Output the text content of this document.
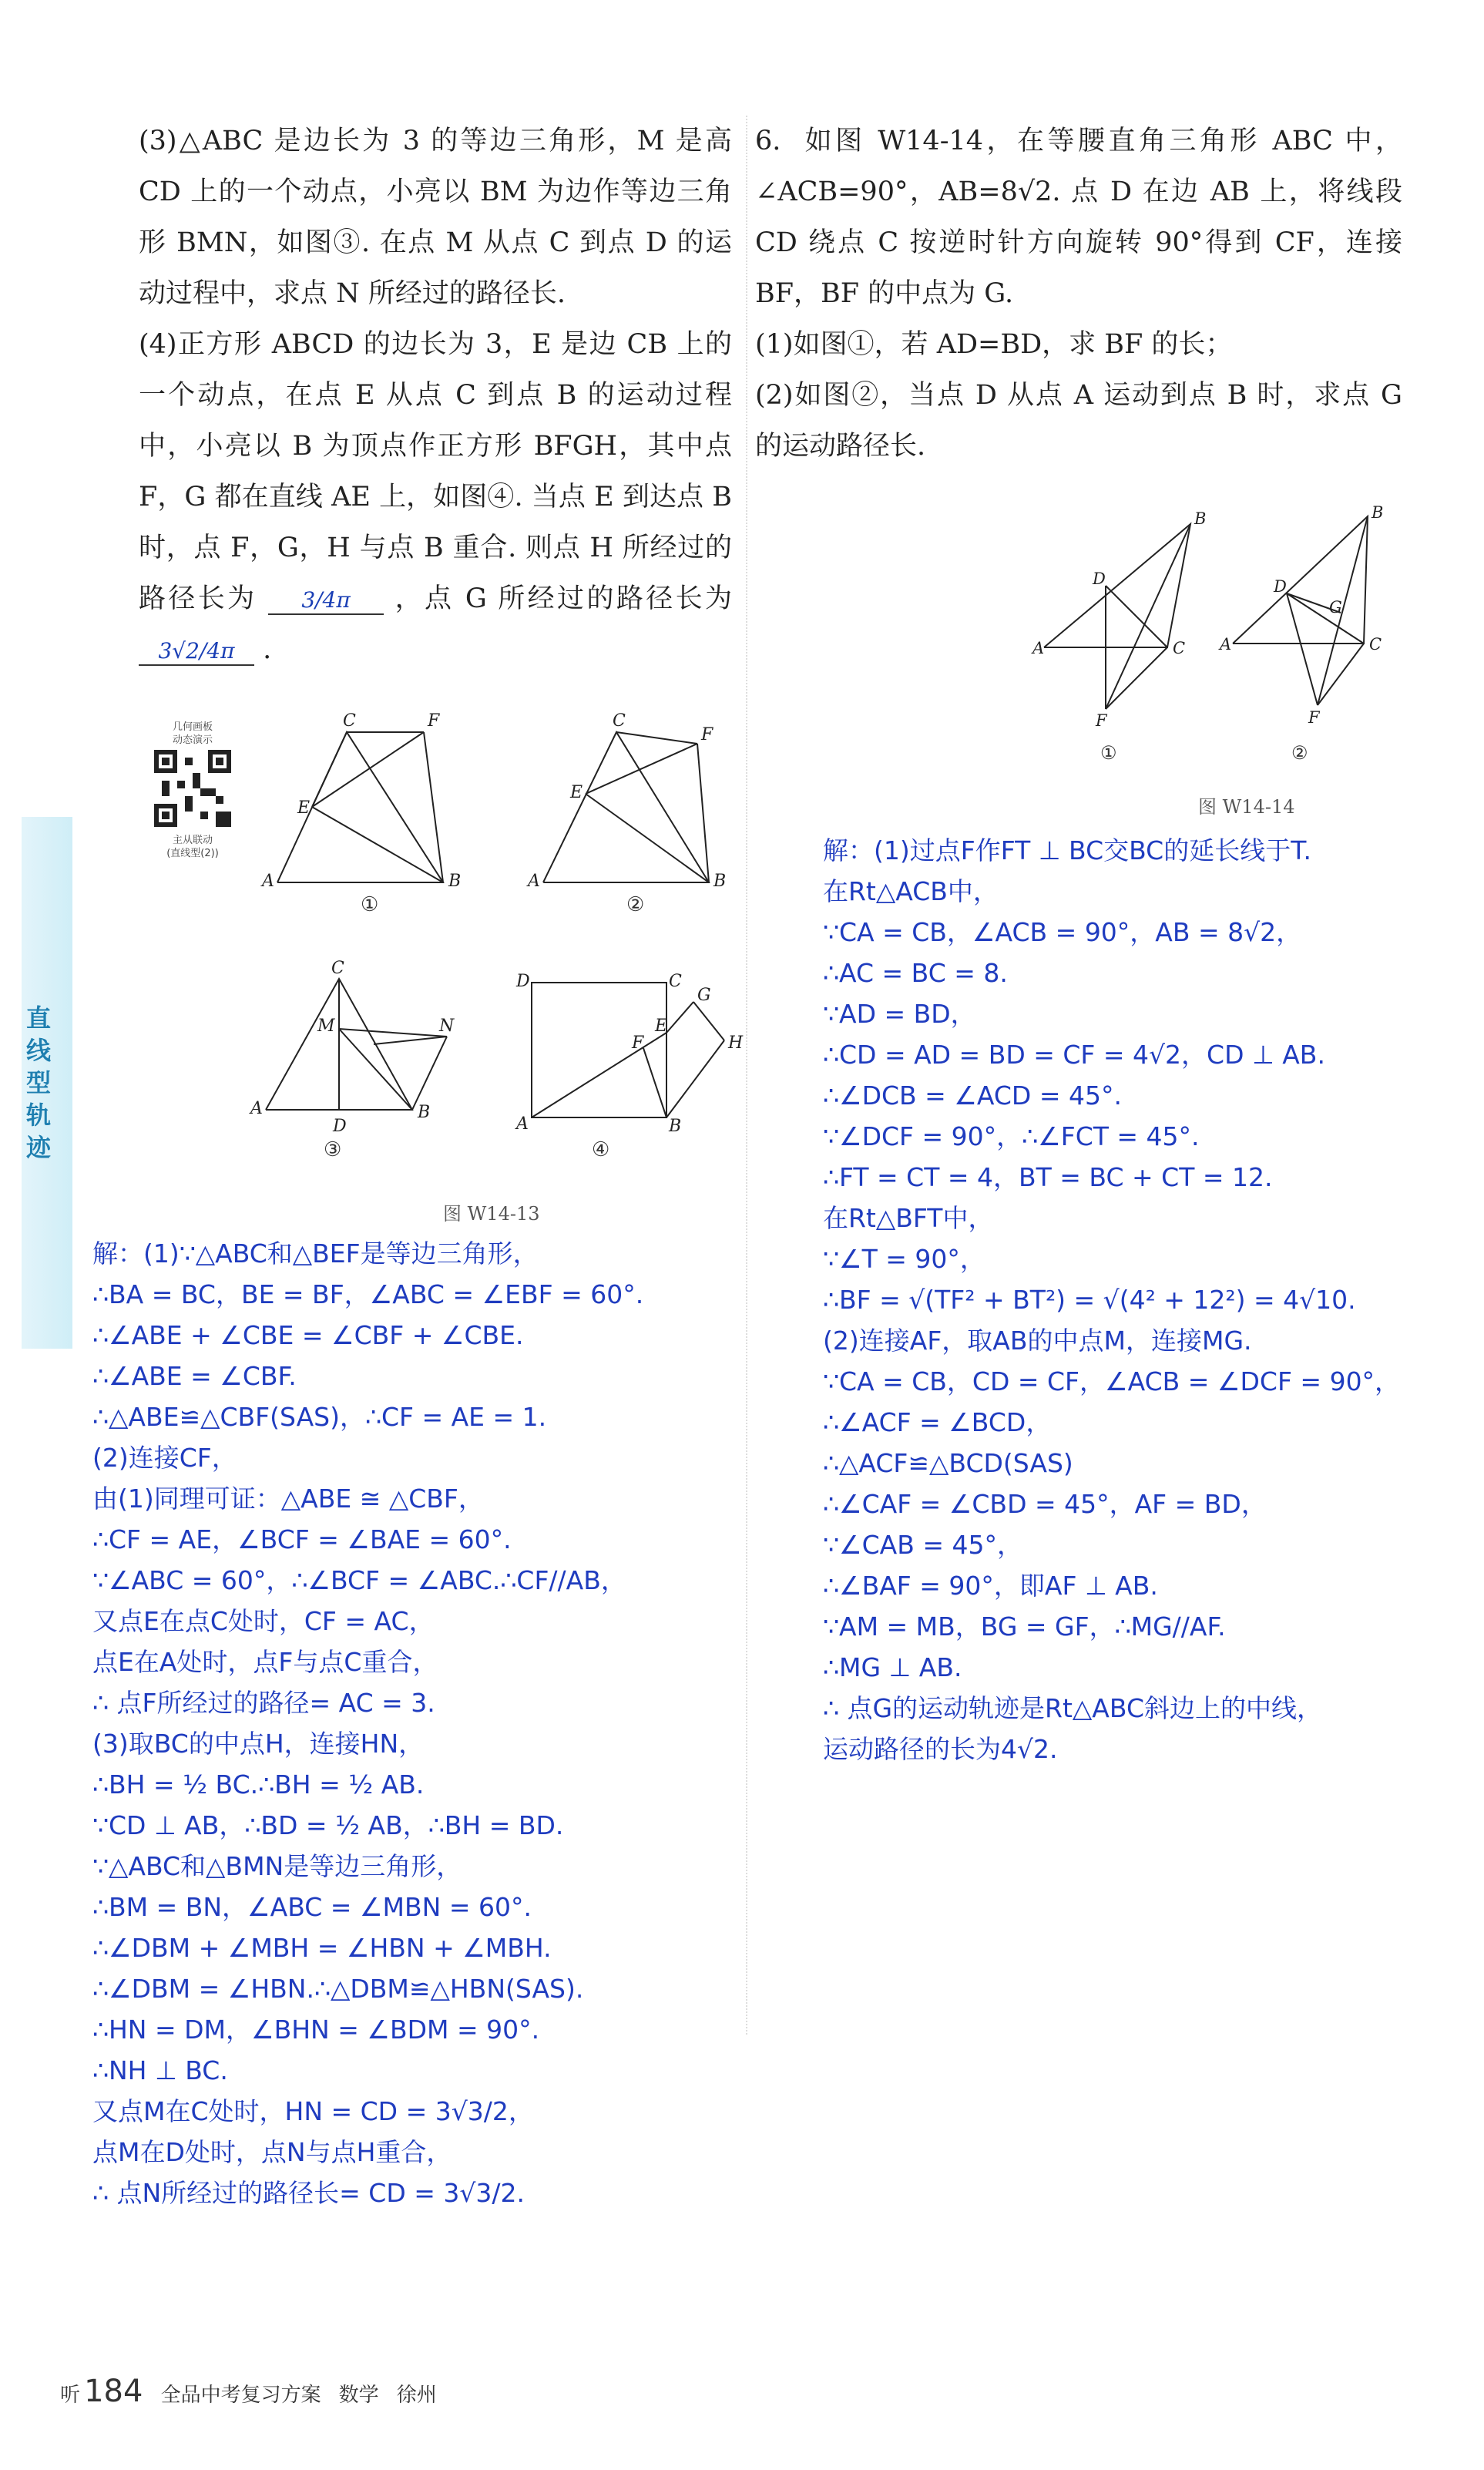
直线型轨迹

(3)△ABC 是边长为 3 的等边三角形，M 是高 CD 上的一个动点，小亮以 BM 为边作等边三角形 BMN，如图③. 在点 M 从点 C 到点 D 的运动过程中，求点 N 所经过的路径长.

(4)正方形 ABCD 的边长为 3，E 是边 CB 上的一个动点，在点 E 从点 C 到点 B 的运动过程中，小亮以 B 为顶点作正方形 BFGH，其中点 F，G 都在直线 AE 上，如图④. 当点 E 到达点 B 时，点 F，G，H 与点 B 重合. 则点 H 所经过的路径长为 3/4π ，点 G 所经过的路径长为 3√2/4π .

几何画板
动态演示
主从联动
(直线型(2))
A	B
C	F
E
A	B
C
F
E
A	B
C
D
M	N
D	C
A	B
G
H
E
F
①	②
③	④
图 W14-13
解：(1)∵△ABC和△BEF是等边三角形，
∴BA = BC，BE = BF，∠ABC = ∠EBF = 60°.
∴∠ABE + ∠CBE = ∠CBF + ∠CBE.
∴∠ABE = ∠CBF.
∴△ABE≌△CBF(SAS)，∴CF = AE = 1.
(2)连接CF，
由(1)同理可证：△ABE ≅ △CBF，
∴CF = AE，∠BCF = ∠BAE = 60°.
∵∠ABC = 60°，∴∠BCF = ∠ABC.∴CF//AB，
又点E在点C处时，CF = AC，
点E在A处时，点F与点C重合，
∴ 点F所经过的路径= AC = 3.
(3)取BC的中点H，连接HN，
∴BH = ½ BC.∴BH = ½ AB.
∵CD ⊥ AB，∴BD = ½ AB，∴BH = BD.
∵△ABC和△BMN是等边三角形，
∴BM = BN，∠ABC = ∠MBN = 60°.
∴∠DBM + ∠MBH = ∠HBN + ∠MBH.
∴∠DBM = ∠HBN.∴△DBM≌△HBN(SAS).
∴HN = DM，∠BHN = ∠BDM = 90°.
∴NH ⊥ BC.
又点M在C处时，HN = CD = 3√3/2，
点M在D处时，点N与点H重合，
∴ 点N所经过的路径长= CD = 3√3/2.

6. 如图 W14-14，在等腰直角三角形 ABC 中，∠ACB=90°，AB=8√2. 点 D 在边 AB 上，将线段 CD 绕点 C 按逆时针方向旋转 90°得到 CF，连接 BF，BF 的中点为 G.

(1)如图①，若 AD=BD，求 BF 的长；

(2)如图②，当点 D 从点 A 运动到点 B 时，求点 G 的运动路径长.

A
B
C
D
F
A
B
C
D
G
F
①	②
图 W14-14
解：(1)过点F作FT ⊥ BC交BC的延长线于T.
在Rt△ACB中，
∵CA = CB，∠ACB = 90°，AB = 8√2，
∴AC = BC = 8.
∵AD = BD，
∴CD = AD = BD = CF = 4√2，CD ⊥ AB.
∴∠DCB = ∠ACD = 45°.
∵∠DCF = 90°，∴∠FCT = 45°.
∴FT = CT = 4，BT = BC + CT = 12.
在Rt△BFT中，
∵∠T = 90°，
∴BF = √(TF² + BT²) = √(4² + 12²) = 4√10.
(2)连接AF，取AB的中点M，连接MG.
∵CA = CB，CD = CF，∠ACB = ∠DCF = 90°，
∴∠ACF = ∠BCD，
∴△ACF≌△BCD(SAS)
∴∠CAF = ∠CBD = 45°，AF = BD，
∵∠CAB = 45°，
∴∠BAF = 90°，即AF ⊥ AB.
∵AM = MB，BG = GF，∴MG//AF.
∴MG ⊥ AB.
∴ 点G的运动轨迹是Rt△ABC斜边上的中线，
运动路径的长为4√2.
听 184 全品中考复习方案 数学 徐州
